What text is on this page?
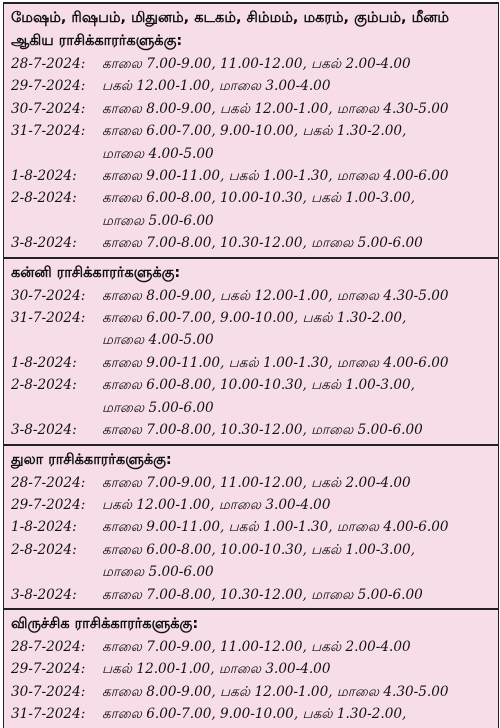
மேஷம், ரிஷபம், மிதுனம், கடகம், சிம்மம், மகரம், கும்பம், மீனம்
ஆகிய ராசிக்காரர்களுக்கு:
28-7-2024:	காலை 7.00-9.00, 11.00-12.00, பகல் 2.00-4.00
29-7-2024:	பகல் 12.00-1.00, மாலை 3.00-4.00
30-7-2024:	காலை 8.00-9.00, பகல் 12.00-1.00, மாலை 4.30-5.00
31-7-2024:	காலை 6.00-7.00, 9.00-10.00, பகல் 1.30-2.00,
மாலை 4.00-5.00
1-8-2024:	காலை 9.00-11.00, பகல் 1.00-1.30, மாலை 4.00-6.00
2-8-2024:	காலை 6.00-8.00, 10.00-10.30, பகல் 1.00-3.00,
மாலை 5.00-6.00
3-8-2024:	காலை 7.00-8.00, 10.30-12.00, மாலை 5.00-6.00
கன்னி ராசிக்காரர்களுக்கு:
30-7-2024:	காலை 8.00-9.00, பகல் 12.00-1.00, மாலை 4.30-5.00
31-7-2024:	காலை 6.00-7.00, 9.00-10.00, பகல் 1.30-2.00,
மாலை 4.00-5.00
1-8-2024:	காலை 9.00-11.00, பகல் 1.00-1.30, மாலை 4.00-6.00
2-8-2024:	காலை 6.00-8.00, 10.00-10.30, பகல் 1.00-3.00,
மாலை 5.00-6.00
3-8-2024:	காலை 7.00-8.00, 10.30-12.00, மாலை 5.00-6.00
துலா ராசிக்காரர்களுக்கு:
28-7-2024:	காலை 7.00-9.00, 11.00-12.00, பகல் 2.00-4.00
29-7-2024:	பகல் 12.00-1.00, மாலை 3.00-4.00
1-8-2024:	காலை 9.00-11.00, பகல் 1.00-1.30, மாலை 4.00-6.00
2-8-2024:	காலை 6.00-8.00, 10.00-10.30, பகல் 1.00-3.00,
மாலை 5.00-6.00
3-8-2024:	காலை 7.00-8.00, 10.30-12.00, மாலை 5.00-6.00
விருச்சிக ராசிக்காரர்களுக்கு:
28-7-2024:	காலை 7.00-9.00, 11.00-12.00, பகல் 2.00-4.00
29-7-2024:	பகல் 12.00-1.00, மாலை 3.00-4.00
30-7-2024:	காலை 8.00-9.00, பகல் 12.00-1.00, மாலை 4.30-5.00
31-7-2024:	காலை 6.00-7.00, 9.00-10.00, பகல் 1.30-2.00,
